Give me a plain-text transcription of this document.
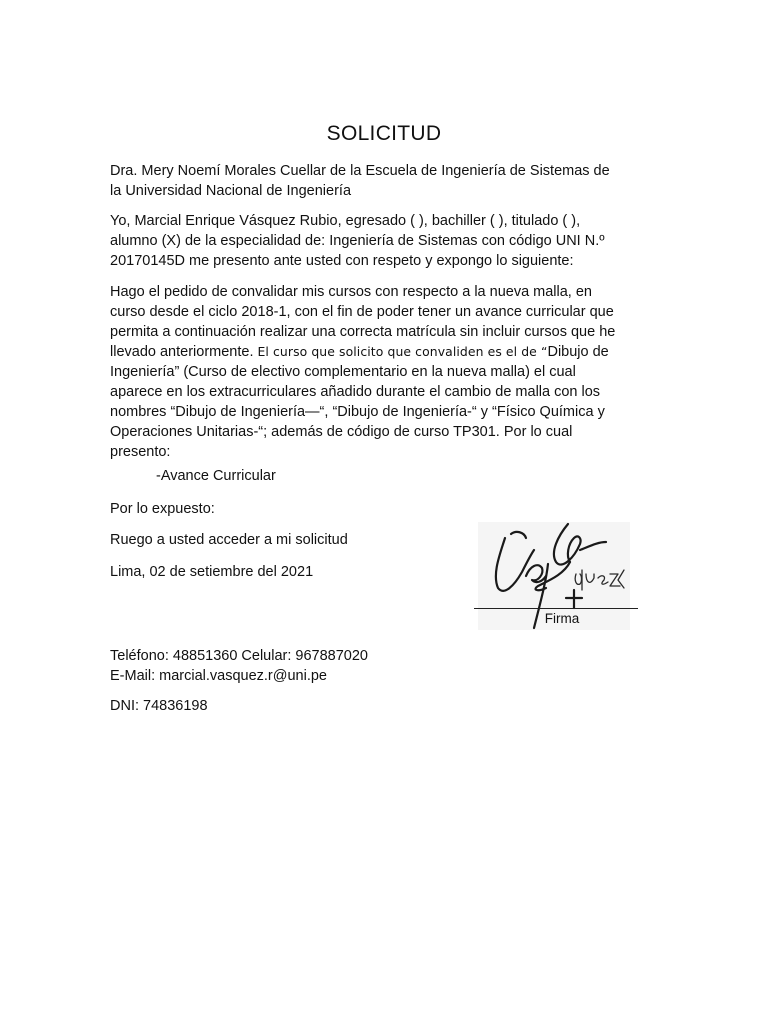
SOLICITUD
Dra. Mery Noemí Morales Cuellar de la Escuela de Ingeniería de Sistemas de
la Universidad Nacional de Ingeniería
Yo, Marcial Enrique Vásquez Rubio, egresado ( ), bachiller ( ), titulado ( ),
alumno (X) de la especialidad de: Ingeniería de Sistemas con código UNI N.º
20170145D me presento ante usted con respeto y expongo lo siguiente:
Hago el pedido de convalidar mis cursos con respecto a la nueva malla, en
curso desde el ciclo 2018-1, con el fin de poder tener un avance curricular que
permita a continuación realizar una correcta matrícula sin incluir cursos que he
llevado anteriormente. El curso que solicito que convaliden es el de “Dibujo de
Ingeniería” (Curso de electivo complementario en la nueva malla) el cual
aparece en los extracurriculares añadido durante el cambio de malla con los
nombres “Dibujo de Ingeniería—“, “Dibujo de Ingeniería-“ y “Físico Química y
Operaciones Unitarias-“; además de código de curso TP301. Por lo cual
presento:
-Avance Curricular
Por lo expuesto:
Ruego a usted acceder a mi solicitud
Lima, 02 de setiembre del 2021
Firma
Teléfono: 48851360 Celular: 967887020
E-Mail: marcial.vasquez.r@uni.pe
DNI: 74836198
